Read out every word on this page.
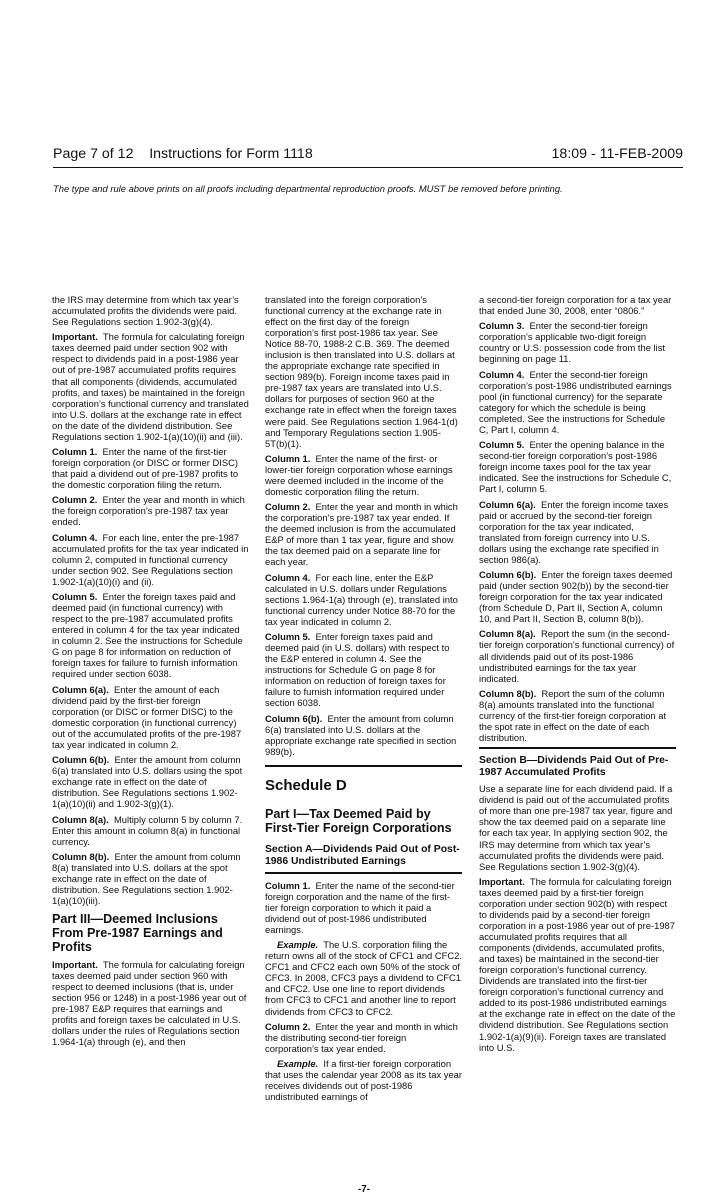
Page 7 of 12    Instructions for Form 1118	18:09 - 11-FEB-2009
The type and rule above prints on all proofs including departmental reproduction proofs. MUST be removed before printing.

the IRS may determine from which tax year’s accumulated profits the dividends were paid. See Regulations section 1.902-3(g)(4).

Important. The formula for calculating foreign taxes deemed paid under section 902 with respect to dividends paid in a post-1986 year out of pre-1987 accumulated profits requires that all components (dividends, accumulated profits, and taxes) be maintained in the foreign corporation’s functional currency and translated into U.S. dollars at the exchange rate in effect on the date of the dividend distribution. See Regulations section 1.902-1(a)(10)(ii) and (iii).

Column 1. Enter the name of the first-tier foreign corporation (or DISC or former DISC) that paid a dividend out of pre-1987 profits to the domestic corporation filing the return.

Column 2. Enter the year and month in which the foreign corporation’s pre-1987 tax year ended.

Column 4. For each line, enter the pre-1987 accumulated profits for the tax year indicated in column 2, computed in functional currency under section 902. See Regulations section 1.902-1(a)(10)(i) and (ii).

Column 5. Enter the foreign taxes paid and deemed paid (in functional currency) with respect to the pre-1987 accumulated profits entered in column 4 for the tax year indicated in column 2. See the instructions for Schedule G on page 8 for information on reduction of foreign taxes for failure to furnish information required under section 6038.

Column 6(a). Enter the amount of each dividend paid by the first-tier foreign corporation (or DISC or former DISC) to the domestic corporation (in functional currency) out of the accumulated profits of the pre-1987 tax year indicated in column 2.

Column 6(b). Enter the amount from column 6(a) translated into U.S. dollars using the spot exchange rate in effect on the date of distribution. See Regulations sections 1.902-1(a)(10)(ii) and 1.902-3(g)(1).

Column 8(a). Multiply column 5 by column 7. Enter this amount in column 8(a) in functional currency.

Column 8(b). Enter the amount from column 8(a) translated into U.S. dollars at the spot exchange rate in effect on the date of distribution. See Regulations section 1.902-1(a)(10)(iii).

Part III—Deemed Inclusions From Pre-1987 Earnings and Profits

Important. The formula for calculating foreign taxes deemed paid under section 960 with respect to deemed inclusions (that is, under section 956 or 1248) in a post-1986 year out of pre-1987 E&P requires that earnings and profits and foreign taxes be calculated in U.S. dollars under the rules of Regulations section 1.964-1(a) through (e), and then

translated into the foreign corporation’s functional currency at the exchange rate in effect on the first day of the foreign corporation’s first post-1986 tax year. See Notice 88-70, 1988-2 C.B. 369. The deemed inclusion is then translated into U.S. dollars at the appropriate exchange rate specified in section 989(b). Foreign income taxes paid in pre-1987 tax years are translated into U.S. dollars for purposes of section 960 at the exchange rate in effect when the foreign taxes were paid. See Regulations section 1.964-1(d) and Temporary Regulations section 1.905-5T(b)(1).

Column 1. Enter the name of the first- or lower-tier foreign corporation whose earnings were deemed included in the income of the domestic corporation filing the return.

Column 2. Enter the year and month in which the corporation’s pre-1987 tax year ended. If the deemed inclusion is from the accumulated E&P of more than 1 tax year, figure and show the tax deemed paid on a separate line for each year.

Column 4. For each line, enter the E&P calculated in U.S. dollars under Regulations sections 1.964-1(a) through (e), translated into functional currency under Notice 88-70 for the tax year indicated in column 2.

Column 5. Enter foreign taxes paid and deemed paid (in U.S. dollars) with respect to the E&P entered in column 4. See the instructions for Schedule G on page 8 for information on reduction of foreign taxes for failure to furnish information required under section 6038.

Column 6(b). Enter the amount from column 6(a) translated into U.S. dollars at the appropriate exchange rate specified in section 989(b).

Schedule D
Part I—Tax Deemed Paid by First-Tier Foreign Corporations
Section A—Dividends Paid Out of Post-1986 Undistributed Earnings

Column 1. Enter the name of the second-tier foreign corporation and the name of the first-tier foreign corporation to which it paid a dividend out of post-1986 undistributed earnings.

Example. The U.S. corporation filing the return owns all of the stock of CFC1 and CFC2. CFC1 and CFC2 each own 50% of the stock of CFC3. In 2008, CFC3 pays a dividend to CFC1 and CFC2. Use one line to report dividends from CFC3 to CFC1 and another line to report dividends from CFC3 to CFC2.

Column 2. Enter the year and month in which the distributing second-tier foreign corporation’s tax year ended.

Example. If a first-tier foreign corporation that uses the calendar year 2008 as its tax year receives dividends out of post-1986 undistributed earnings of

a second-tier foreign corporation for a tax year that ended June 30, 2008, enter “0806.”

Column 3. Enter the second-tier foreign corporation’s applicable two-digit foreign country or U.S. possession code from the list beginning on page 11.

Column 4. Enter the second-tier foreign corporation’s post-1986 undistributed earnings pool (in functional currency) for the separate category for which the schedule is being completed. See the instructions for Schedule C, Part I, column 4.

Column 5. Enter the opening balance in the second-tier foreign corporation’s post-1986 foreign income taxes pool for the tax year indicated. See the instructions for Schedule C, Part I, column 5.

Column 6(a). Enter the foreign income taxes paid or accrued by the second-tier foreign corporation for the tax year indicated, translated from foreign currency into U.S. dollars using the exchange rate specified in section 986(a).

Column 6(b). Enter the foreign taxes deemed paid (under section 902(b)) by the second-tier foreign corporation for the tax year indicated (from Schedule D, Part II, Section A, column 10, and Part II, Section B, column 8(b)).

Column 8(a). Report the sum (in the second-tier foreign corporation’s functional currency) of all dividends paid out of its post-1986 undistributed earnings for the tax year indicated.

Column 8(b). Report the sum of the column 8(a) amounts translated into the functional currency of the first-tier foreign corporation at the spot rate in effect on the date of each distribution.

Section B—Dividends Paid Out of Pre-1987 Accumulated Profits

Use a separate line for each dividend paid. If a dividend is paid out of the accumulated profits of more than one pre-1987 tax year, figure and show the tax deemed paid on a separate line for each tax year. In applying section 902, the IRS may determine from which tax year’s accumulated profits the dividends were paid. See Regulations section 1.902-3(g)(4).

Important. The formula for calculating foreign taxes deemed paid by a first-tier foreign corporation under section 902(b) with respect to dividends paid by a second-tier foreign corporation in a post-1986 year out of pre-1987 accumulated profits requires that all components (dividends, accumulated profits, and taxes) be maintained in the second-tier foreign corporation’s functional currency. Dividends are translated into the first-tier foreign corporation’s functional currency and added to its post-1986 undistributed earnings at the exchange rate in effect on the date of the dividend distribution. See Regulations section 1.902-1(a)(9)(ii). Foreign taxes are translated into U.S.

-7-
